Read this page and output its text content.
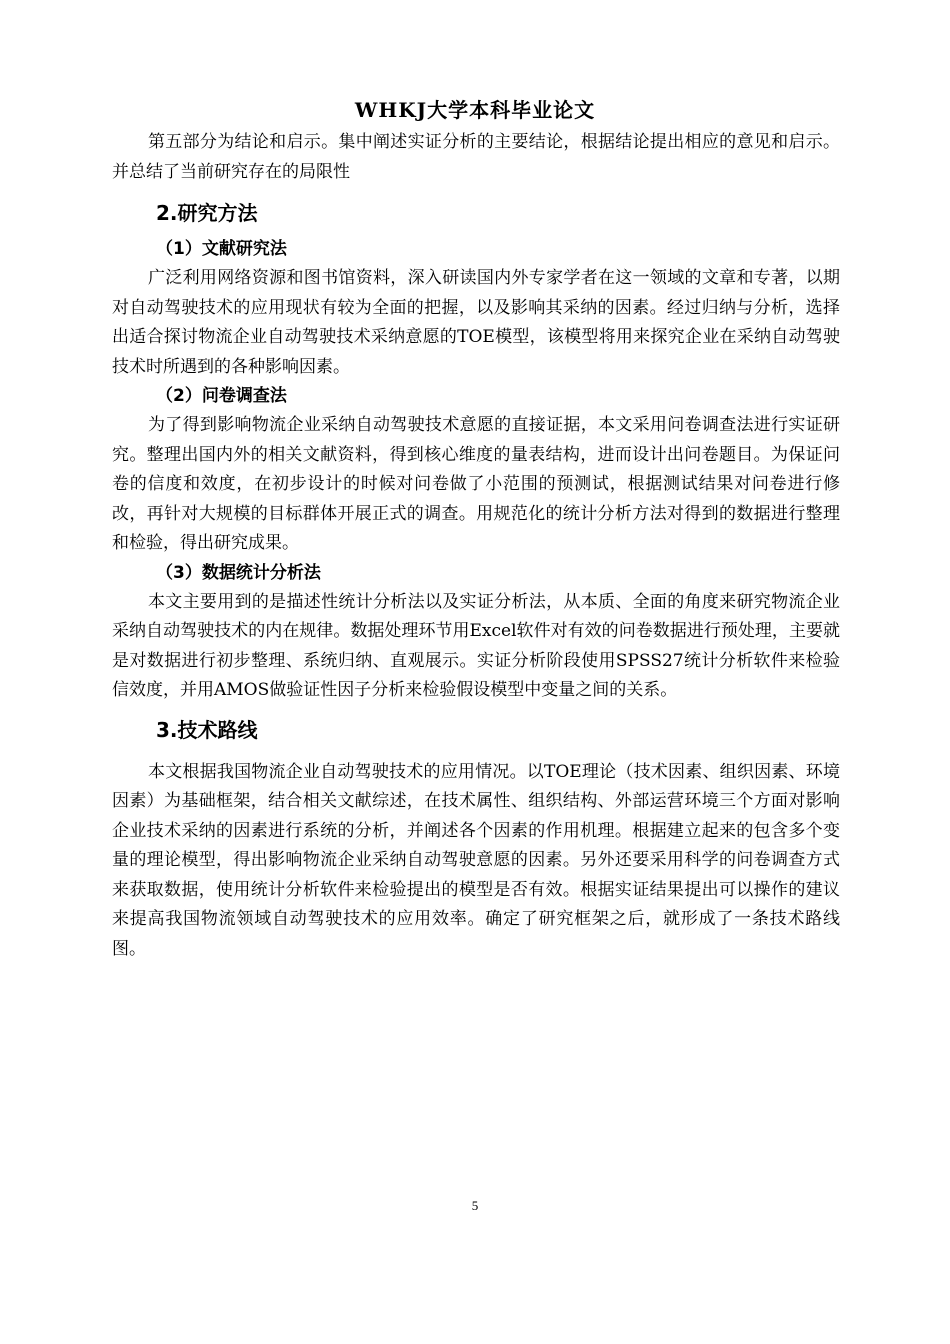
WHKJ大学本科毕业论文

第五部分为结论和启示。集中阐述实证分析的主要结论，根据结论提出相应的意见和启示。并总结了当前研究存在的局限性

2.研究方法
（1）文献研究法

广泛利用网络资源和图书馆资料，深入研读国内外专家学者在这一领域的文章和专著，以期对自动驾驶技术的应用现状有较为全面的把握，以及影响其采纳的因素。经过归纳与分析，选择出适合探讨物流企业自动驾驶技术采纳意愿的TOE模型，该模型将用来探究企业在采纳自动驾驶技术时所遇到的各种影响因素。

（2）问卷调查法

为了得到影响物流企业采纳自动驾驶技术意愿的直接证据，本文采用问卷调查法进行实证研究。整理出国内外的相关文献资料，得到核心维度的量表结构，进而设计出问卷题目。为保证问卷的信度和效度，在初步设计的时候对问卷做了小范围的预测试，根据测试结果对问卷进行修改，再针对大规模的目标群体开展正式的调查。用规范化的统计分析方法对得到的数据进行整理和检验，得出研究成果。

（3）数据统计分析法

本文主要用到的是描述性统计分析法以及实证分析法，从本质、全面的角度来研究物流企业采纳自动驾驶技术的内在规律。数据处理环节用Excel软件对有效的问卷数据进行预处理，主要就是对数据进行初步整理、系统归纳、直观展示。实证分析阶段使用SPSS27统计分析软件来检验信效度，并用AMOS做验证性因子分析来检验假设模型中变量之间的关系。

3.技术路线

本文根据我国物流企业自动驾驶技术的应用情况。以TOE理论（技术因素、组织因素、环境因素）为基础框架，结合相关文献综述，在技术属性、组织结构、外部运营环境三个方面对影响企业技术采纳的因素进行系统的分析，并阐述各个因素的作用机理。根据建立起来的包含多个变量的理论模型，得出影响物流企业采纳自动驾驶意愿的因素。另外还要采用科学的问卷调查方式来获取数据，使用统计分析软件来检验提出的模型是否有效。根据实证结果提出可以操作的建议来提高我国物流领域自动驾驶技术的应用效率。确定了研究框架之后，就形成了一条技术路线图。

5
